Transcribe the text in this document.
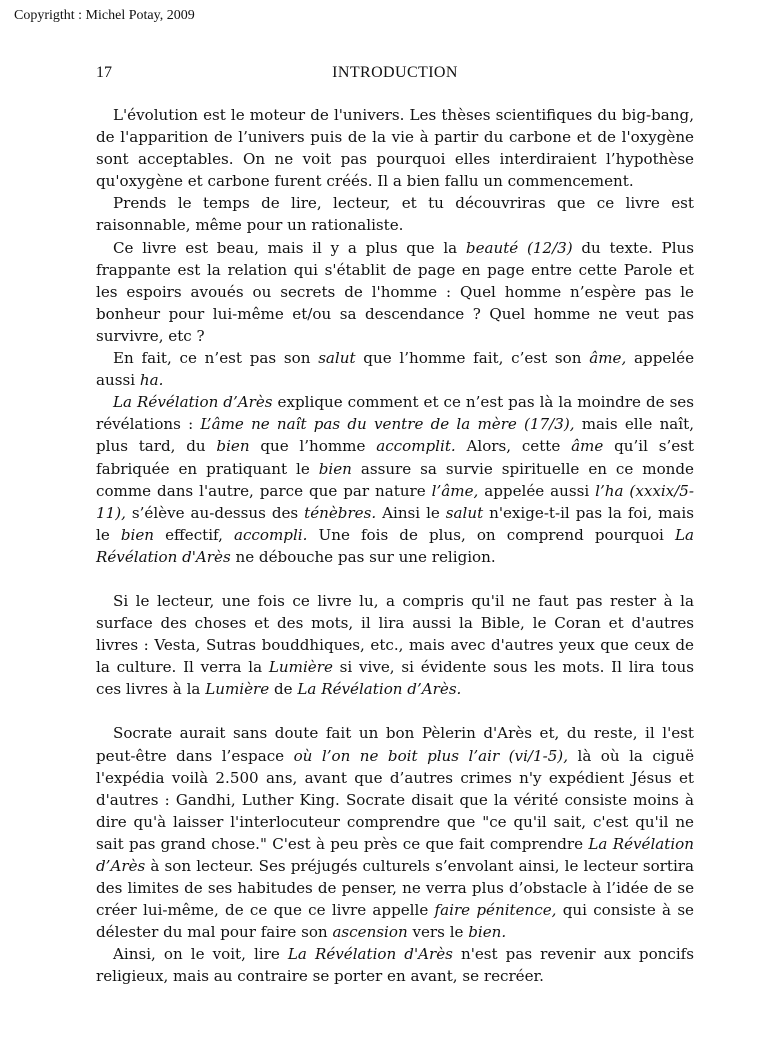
Copyrigtht : Michel Potay, 2009
17	INTRODUCTION

L'évolution est le moteur de l'univers. Les thèses scientifiques du big-bang, de l'apparition de l’univers puis de la vie à partir du carbone et de l'oxygène sont acceptables. On ne voit pas pourquoi elles interdiraient l’hypothèse qu'oxygène et carbone furent créés. Il a bien fallu un commencement.

Prends le temps de lire, lecteur, et tu découvriras que ce livre est raisonnable, même pour un rationaliste.

Ce livre est beau, mais il y a plus que la beauté (12/3) du texte. Plus frappante est la relation qui s'établit de page en page entre cette Parole et les espoirs avoués ou secrets de l'homme : Quel homme n’espère pas le bonheur pour lui-même et/ou sa descendance ? Quel homme ne veut pas survivre, etc ?

En fait, ce n’est pas son salut que l’homme fait, c’est son âme, appelée aussi ha.

La Révélation d’Arès explique comment et ce n’est pas là la moindre de ses révélations : L’âme ne naît pas du ventre de la mère (17/3), mais elle naît, plus tard, du bien que l’homme accomplit. Alors, cette âme qu’il s’est fabriquée en pratiquant le bien assure sa survie spirituelle en ce monde comme dans l'autre, parce que par nature l’âme, appelée aussi l’ha (xxxix/5-11), s’élève au-dessus des ténèbres. Ainsi le salut n'exige-t-il pas la foi, mais le bien effectif, accompli. Une fois de plus, on comprend pourquoi La Révélation d'Arès ne débouche pas sur une religion.

Si le lecteur, une fois ce livre lu, a compris qu'il ne faut pas rester à la surface des choses et des mots, il lira aussi la Bible, le Coran et d'autres livres : Vesta, Sutras bouddhiques, etc., mais avec d'autres yeux que ceux de la culture. Il verra la Lumière si vive, si évidente sous les mots. Il lira tous ces livres à la Lumière de La Révélation d’Arès.

Socrate aurait sans doute fait un bon Pèlerin d'Arès et, du reste, il l'est peut-être dans l’espace où l’on ne boit plus l’air (vi/1-5), là où la ciguë l'expédia voilà 2.500 ans, avant que d’autres crimes n'y expédient Jésus et d'autres : Gandhi, Luther King. Socrate disait que la vérité consiste moins à dire qu'à laisser l'interlocuteur comprendre que "ce qu'il sait, c'est qu'il ne sait pas grand chose." C'est à peu près ce que fait comprendre La Révélation d’Arès à son lecteur. Ses préjugés culturels s’envolant ainsi, le lecteur sortira des limites de ses habitudes de penser, ne verra plus d’obstacle à l’idée de se créer lui-même, de ce que ce livre appelle faire pénitence, qui consiste à se délester du mal pour faire son ascension vers le bien.

Ainsi, on le voit, lire La Révélation d'Arès n'est pas revenir aux poncifs religieux, mais au contraire se porter en avant, se recréer.
